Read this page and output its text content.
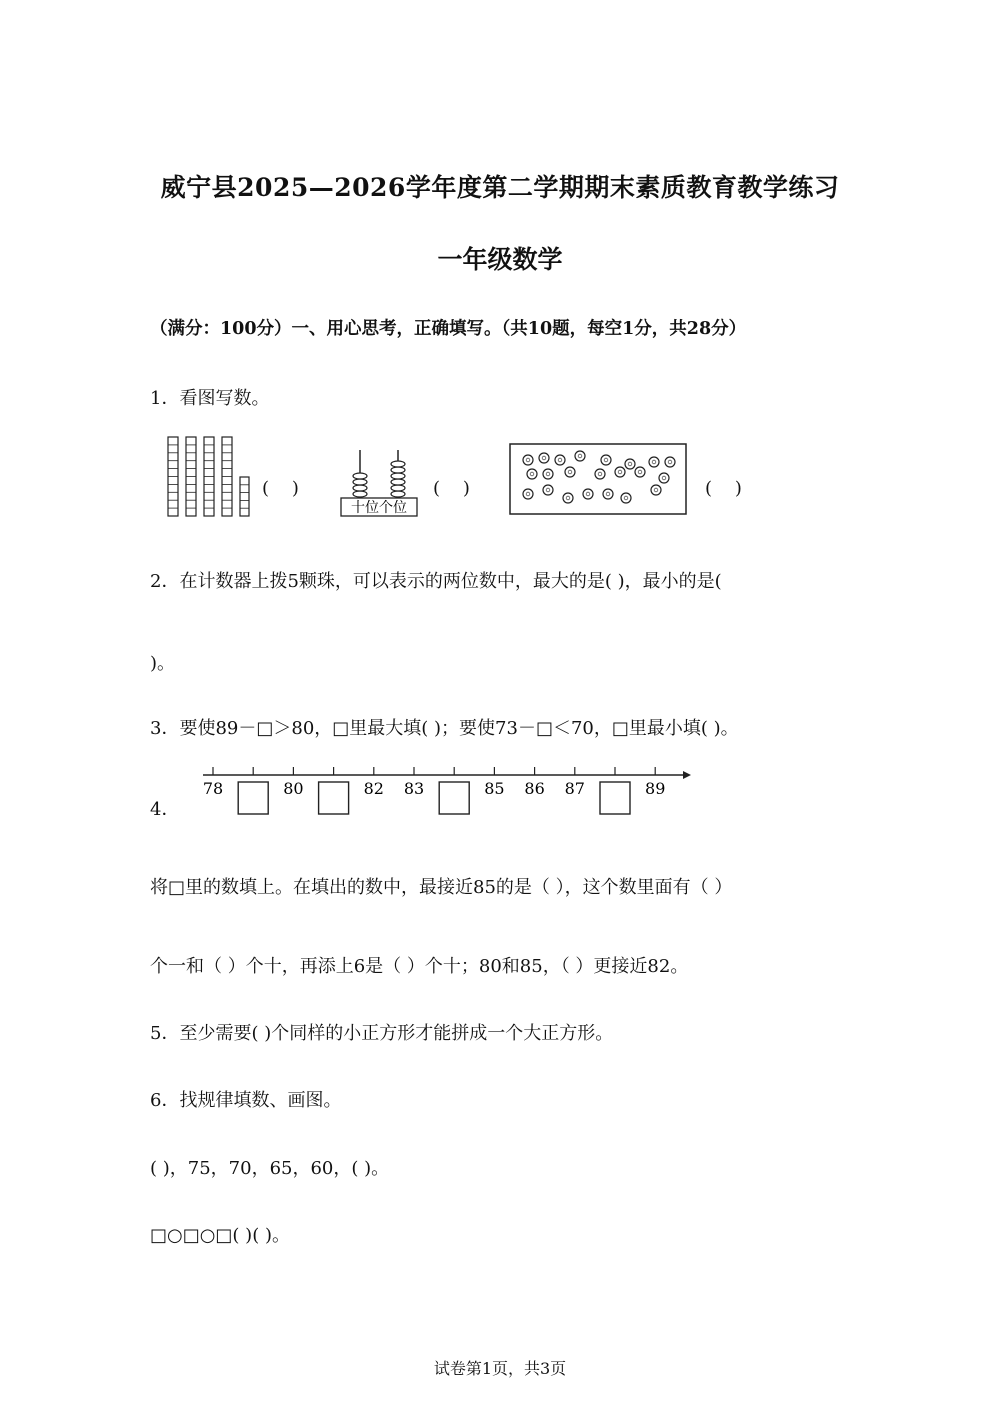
威宁县2025—2026学年度第二学期期末素质教育教学练习
一年级数学
（满分：100分）一、用心思考，正确填写。（共10题，每空1分，共28分）
1．看图写数。
(    )
十位个位
(    )	(    )
2．在计数器上拨5颗珠，可以表示的两位数中，最大的是( )，最小的是(
)。
3．要使89－□＞80，□里最大填( )；要使73－□＜70，□里最小填( )。
4．
78	80	82 83	85 86 87	89
将□里的数填上。在填出的数中，最接近85的是（ ），这个数里面有（ ）
个一和（ ）个十，再添上6是（ ）个十；80和85，（ ）更接近82。
5．至少需要( )个同样的小正方形才能拼成一个大正方形。
6．找规律填数、画图。
( )，75，70，65，60，( )。
□○□○□( )( )。
试卷第1页，共3页
